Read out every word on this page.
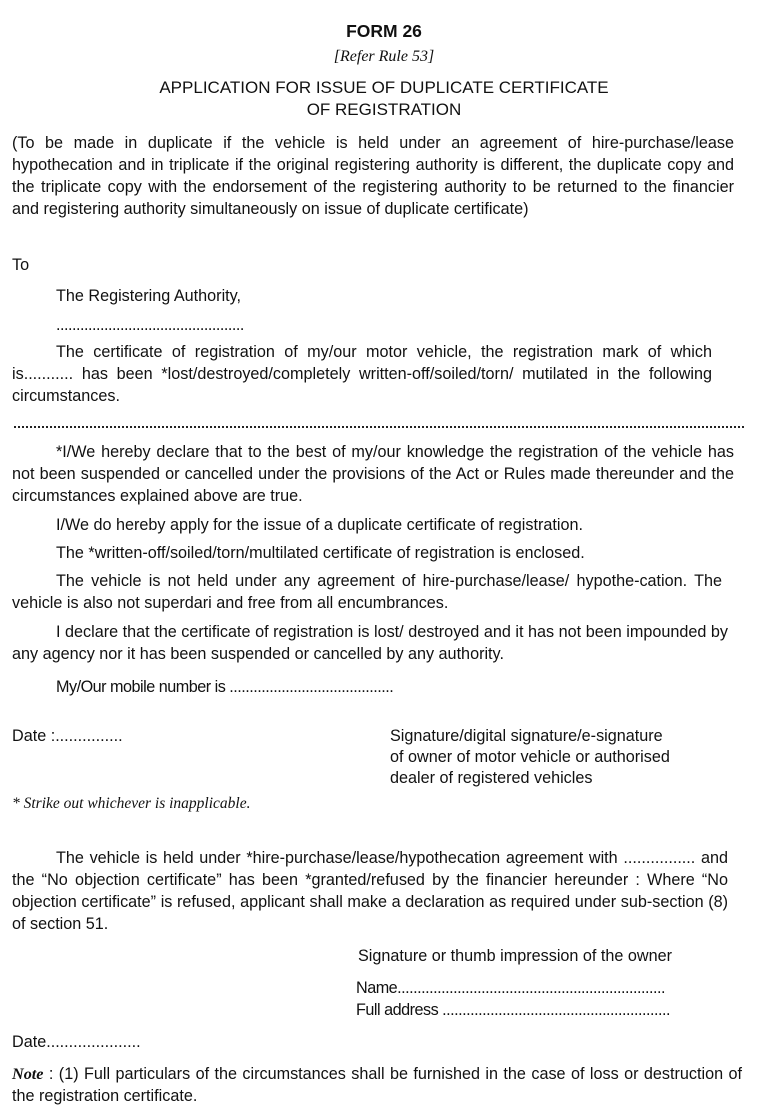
FORM 26
[Refer Rule 53]
APPLICATION FOR ISSUE OF DUPLICATE CERTIFICATE
OF REGISTRATION

(To be made in duplicate if the vehicle is held under an agreement of hire-purchase/lease hypothecation and in triplicate if the original registering authority is different, the duplicate copy and the triplicate copy with the endorsement of the registering authority to be returned to the financier and registering authority simultaneously on issue of duplicate certificate)

To
The Registering Authority,
...............................................

The certificate of registration of my/our motor vehicle, the registration mark of which is........... has been *lost/destroyed/completely written-off/soiled/torn/ mutilated in the following circumstances.

*I/We hereby declare that to the best of my/our knowledge the registration of the vehicle has not been suspended or cancelled under the provisions of the Act or Rules made thereunder and the circumstances explained above are true.

I/We do hereby apply for the issue of a duplicate certificate of registration.

The *written-off/soiled/torn/multilated certificate of registration is enclosed.

The vehicle is not held under any agreement of hire-purchase/lease/ hypothe-cation. The vehicle is also not superdari and free from all encumbrances.

I declare that the certificate of registration is lost/ destroyed and it has not been impounded by any agency nor it has been suspended or cancelled by any authority.

My/Our mobile number is .........................................
Date :...............	Signature/digital signature/e-signature
of owner of motor vehicle or authorised
dealer of registered vehicles
* Strike out whichever is inapplicable.

The vehicle is held under *hire-purchase/lease/hypothecation agreement with ................ and the “No objection certificate” has been *granted/refused by the financier hereunder : Where “No objection certificate” is refused, applicant shall make a declaration as required under sub-section (8) of section 51.

Signature or thumb impression of the owner
Name...................................................................
Full address .........................................................
Date.....................

Note : (1) Full particulars of the circumstances shall be furnished in the case of loss or destruction of the registration certificate.
